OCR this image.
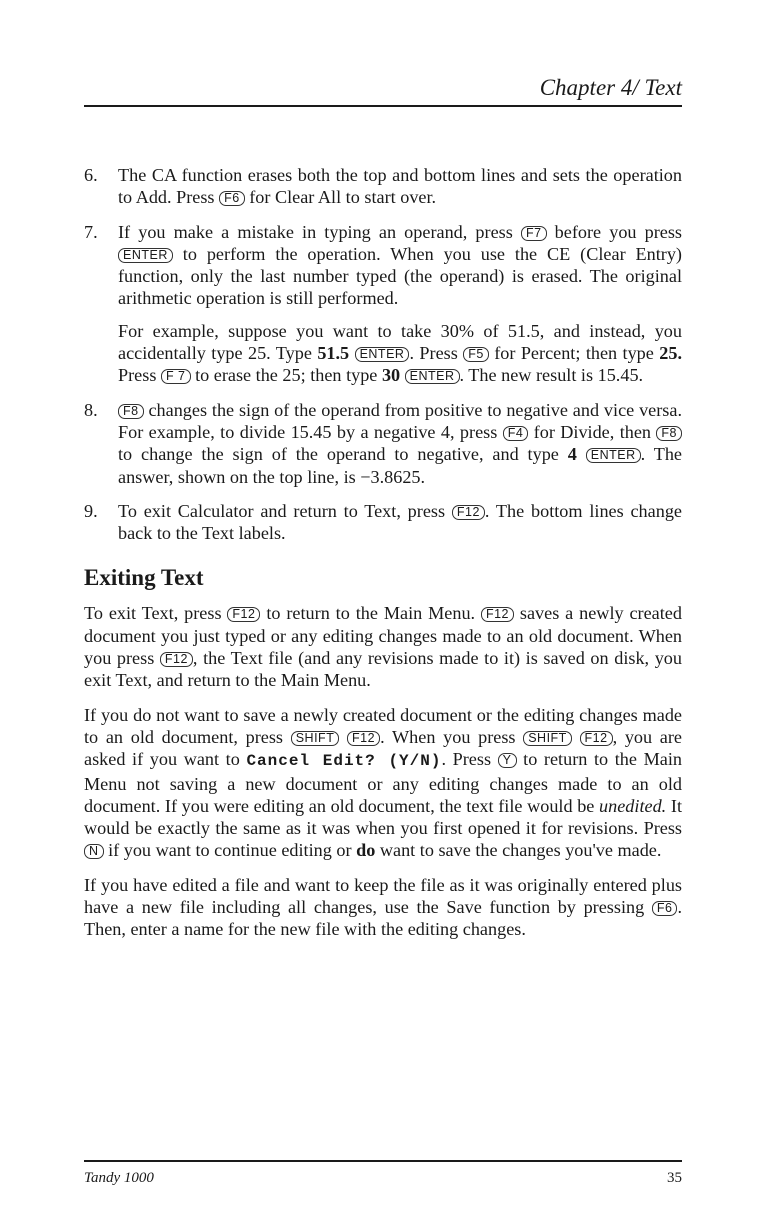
Chapter 4/ Text
6. The CA function erases both the top and bottom lines and sets the operation to Add. Press F6 for Clear All to start over.
7. If you make a mistake in typing an operand, press F7 before you press ENTER to perform the operation. When you use the CE (Clear Entry) function, only the last number typed (the operand) is erased. The original arithmetic operation is still performed.
For example, suppose you want to take 30% of 51.5, and instead, you accidentally type 25. Type 51.5 ENTER . Press F5 for Percent; then type 25. Press F 7 to erase the 25; then type 30 ENTER . The new result is 15.45.
8. F8 changes the sign of the operand from positive to negative and vice versa. For example, to divide 15.45 by a negative 4, press F4 for Divide, then F8 to change the sign of the operand to negative, and type 4 ENTER . The answer, shown on the top line, is −3.8625.
9. To exit Calculator and return to Text, press F12 . The bottom lines change back to the Text labels.
Exiting Text

To exit Text, press F12 to return to the Main Menu. F12 saves a newly created document you just typed or any editing changes made to an old document. When you press F12 , the Text file (and any revisions made to it) is saved on disk, you exit Text, and return to the Main Menu.

If you do not want to save a newly created document or the editing changes made to an old document, press SHIFT F12 . When you press SHIFT F12 , you are asked if you want to Cancel Edit? (Y/N). Press Y to return to the Main Menu not saving a new document or any editing changes made to an old document. If you were editing an old document, the text file would be unedited. It would be exactly the same as it was when you first opened it for revisions. Press N if you want to continue editing or do want to save the changes you've made.

If you have edited a file and want to keep the file as it was originally entered plus have a new file including all changes, use the Save function by pressing F6 . Then, enter a name for the new file with the editing changes.

Tandy 1000	35
